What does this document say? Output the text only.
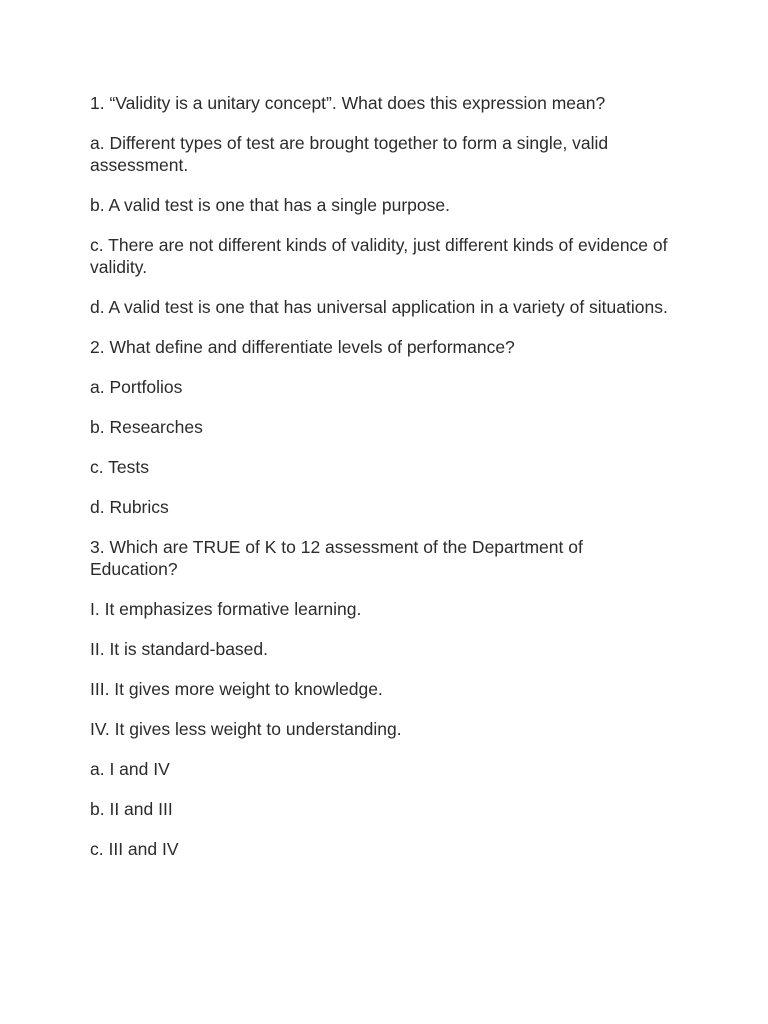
1. “Validity is a unitary concept”. What does this expression mean?

a. Different types of test are brought together to form a single, valid assessment.

b. A valid test is one that has a single purpose.

c. There are not different kinds of validity, just different kinds of evidence of validity.

d. A valid test is one that has universal application in a variety of situations.

2. What define and differentiate levels of performance?

a. Portfolios

b. Researches

c. Tests

d. Rubrics

3. Which are TRUE of K to 12 assessment of the Department of Education?

I. It emphasizes formative learning.

II. It is standard-based.

III. It gives more weight to knowledge.

IV. It gives less weight to understanding.

a. I and IV

b. II and III

c. III and IV
